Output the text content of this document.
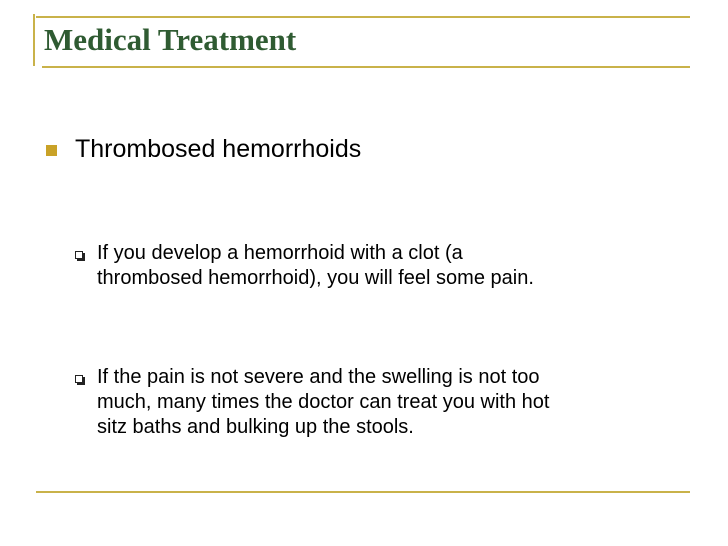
Medical Treatment
Thrombosed hemorrhoids
If you develop a hemorrhoid with a clot (a
thrombosed hemorrhoid), you will feel some pain.
If the pain is not severe and the swelling is not too
much, many times the doctor can treat you with hot
sitz baths and bulking up the stools.
